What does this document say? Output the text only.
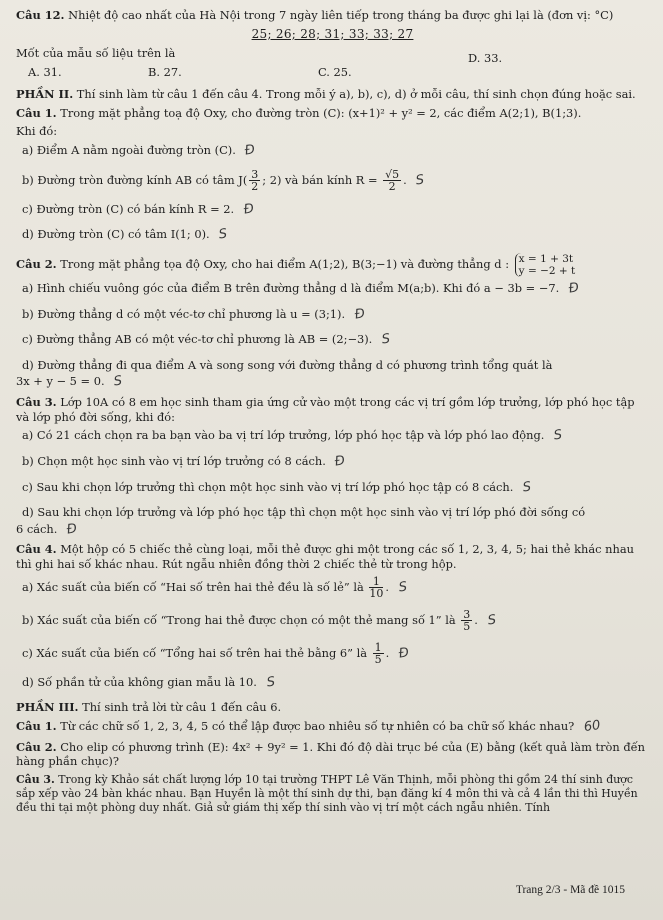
Câu 12. Nhiệt độ cao nhất của Hà Nội trong 7 ngày liên tiếp trong tháng ba được ghi lại là (đơn vị: °C)

25; 26; 28; 31; 33; 33; 27

Mốt của mẫu số liệu trên là

A. 31.	B. 27.	C. 25.
D. 33.

PHẦN II. Thí sinh làm từ câu 1 đến câu 4. Trong mỗi ý a), b), c), d) ở mỗi câu, thí sinh chọn đúng hoặc sai.

Câu 1. Trong mặt phẳng toạ độ Oxy, cho đường tròn (C): (x+1)² + y² = 2, các điểm A(2;1), B(1;3).

Khi đó:

a) Điểm A nằm ngoài đường tròn (C). Đ

b) Đường tròn đường kính AB có tâm $J( \frac{3}{2}$ ; 2) và bán kính $R = \frac{√5}{2}$ . S

c) Đường tròn (C) có bán kính R = 2. Đ

d) Đường tròn (C) có tâm I(1; 0). S

Câu 2. Trong mặt phẳng tọa độ Oxy, cho hai điểm A(1;2), B(3;−1) và đường thẳng d : x = 1 + 3t
y = −2 + t

a) Hình chiếu vuông góc của điểm B trên đường thẳng d là điểm M(a;b). Khi đó a − 3b = −7. Đ

b) Đường thẳng d có một véc-tơ chỉ phương là u = (3;1). Đ

c) Đường thẳng AB có một véc-tơ chỉ phương là AB = (2;−3). S

d) Đường thẳng đi qua điểm A và song song với đường thẳng d có phương trình tổng quát là

3x + y − 5 = 0. S

Câu 3. Lớp 10A có 8 em học sinh tham gia ứng cử vào một trong các vị trí gồm lớp trưởng, lớp phó học tập và lớp phó đời sống, khi đó:

a) Có 21 cách chọn ra ba bạn vào ba vị trí lớp trưởng, lớp phó học tập và lớp phó lao động. S

b) Chọn một học sinh vào vị trí lớp trưởng có 8 cách. Đ

c) Sau khi chọn lớp trưởng thì chọn một học sinh vào vị trí lớp phó học tập có 8 cách. S

d) Sau khi chọn lớp trưởng và lớp phó học tập thì chọn một học sinh vào vị trí lớp phó đời sống có

6 cách. Đ

Câu 4. Một hộp có 5 chiếc thẻ cùng loại, mỗi thẻ được ghi một trong các số 1, 2, 3, 4, 5; hai thẻ khác nhau thì ghi hai số khác nhau. Rút ngẫu nhiên đồng thời 2 chiếc thẻ từ trong hộp.

a) Xác suất của biến cố “Hai số trên hai thẻ đều là số lẻ” là $\frac{1}{10}$ . S

b) Xác suất của biến cố “Trong hai thẻ được chọn có một thẻ mang số 1” là $\frac{3}{5}$ . S

c) Xác suất của biến cố “Tổng hai số trên hai thẻ bằng 6” là $\frac{1}{5}$ . Đ

d) Số phần tử của không gian mẫu là 10. S

PHẦN III. Thí sinh trả lời từ câu 1 đến câu 6.

Câu 1. Từ các chữ số 1, 2, 3, 4, 5 có thể lập được bao nhiêu số tự nhiên có ba chữ số khác nhau? 60

Câu 2. Cho elip có phương trình (E): 4x² + 9y² = 1. Khi đó độ dài trục bé của (E) bằng (kết quả làm tròn đến hàng phần chục)?

Câu 3. Trong kỳ Khảo sát chất lượng lớp 10 tại trường THPT Lê Văn Thịnh, mỗi phòng thi gồm 24 thí sinh được sắp xếp vào 24 bàn khác nhau. Bạn Huyền là một thí sinh dự thi, bạn đăng kí 4 môn thi và cả 4 lần thi thì Huyền đều thi tại một phòng duy nhất. Giả sử giám thị xếp thí sinh vào vị trí một cách ngẫu nhiên. Tính

Trang 2/3 - Mã đề 1015
